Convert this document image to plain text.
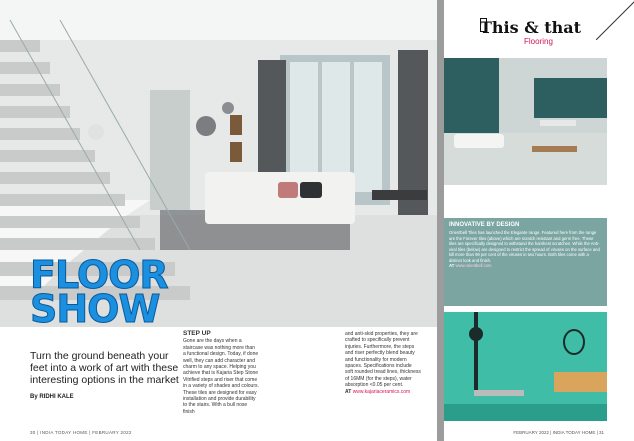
FLOOR
SHOW
Turn the ground beneath your feet into a work of art with these interesting options in the market
By RIDHI KALE
STEP UP

Gone are the days when a staircase was nothing more than a functional design. Today, if done well, they can add character and charm to any space. Helping you achieve that is Kajaria Step Stone Vitrified steps and riser that come in a variety of shades and colours. These tiles are designed for easy installation and provide durability to the stairs. With a bull nose finish

and anti-skid properties, they are crafted to specifically prevent injuries. Furthermore, the steps and riser perfectly blend beauty and functionality for modern spaces. Specifications include soft rounded tread lines, thickness of 16MM (for the steps), water absorption <0.05 per cent.

AT www.kajariaceramics.com

30 | INDIA TODAY HOME | FEBRUARY 2022
This & that
Flooring
INNOVATIVE BY DESIGN

Orientbell Tiles has launched the Elegante range. Featured here from the range are the Forever tiles (above) which are scratch resistant and germ free. These tiles are specifically designed to withstand the harshest scratches. While the Anti-viral tiles (below) are designed to restrict the spread of viruses on the surface and kill more than 99 per cent of the viruses in two hours. Both tiles come with a distinct look and finish.

AT www.orientbell.com

FEBRUARY 2022 | INDIA TODAY HOME | 31
